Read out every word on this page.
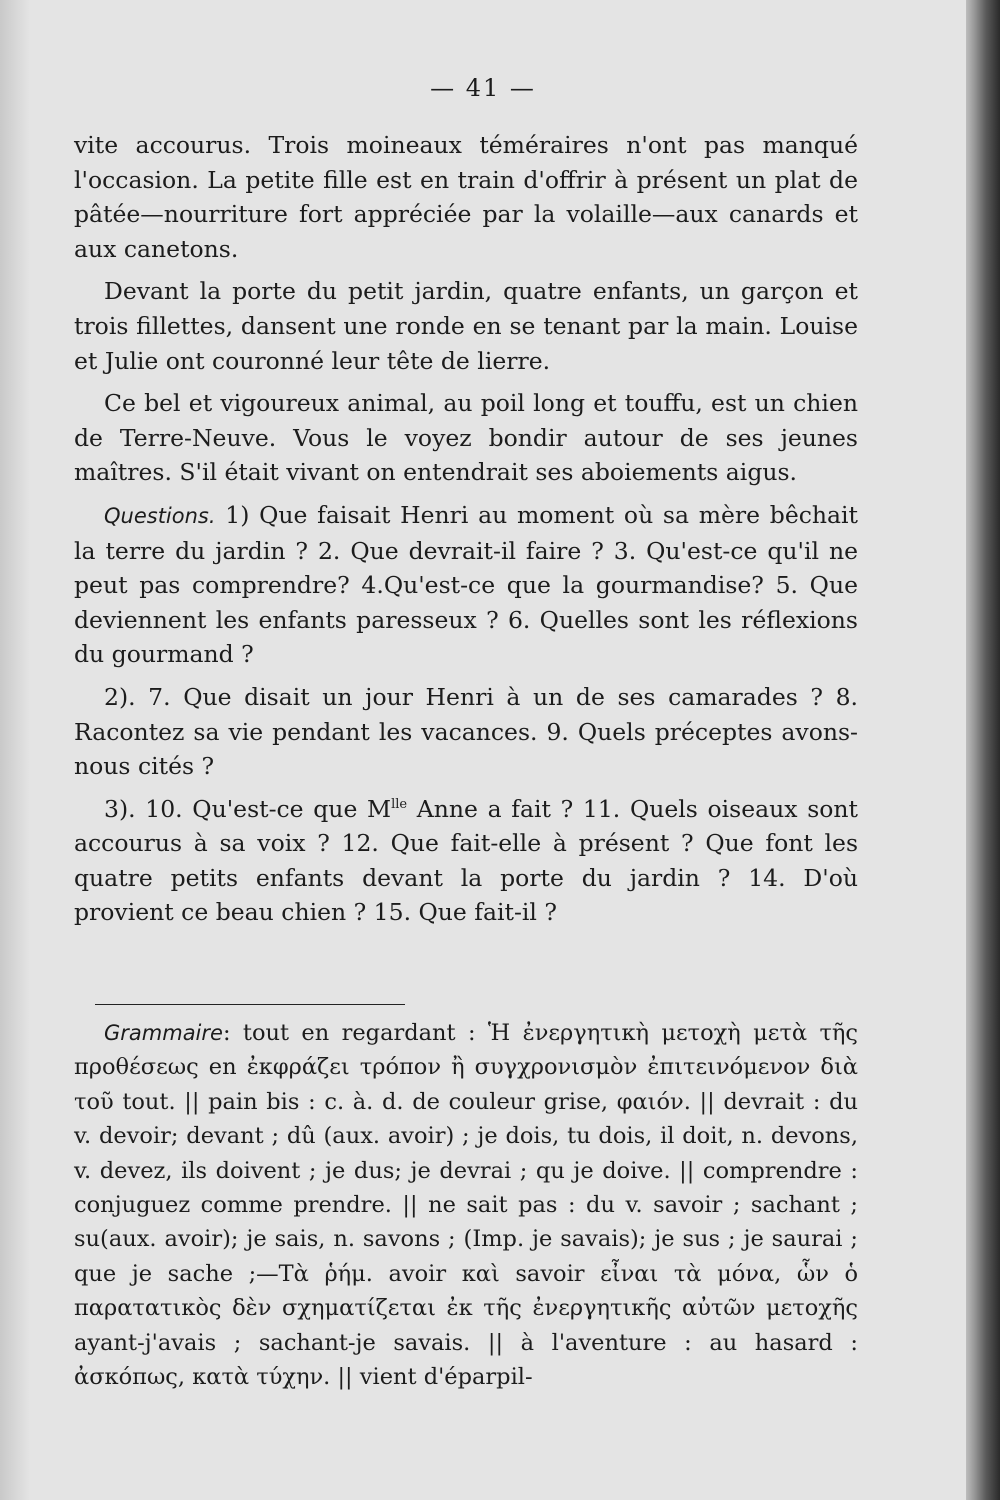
— 41 —

vite accourus. Trois moineaux téméraires n'ont pas manqué l'occasion. La petite fille est en train d'offrir à présent un plat de pâtée—nourriture fort appréciée par la volaille—aux canards et aux canetons.

Devant la porte du petit jardin, quatre enfants, un garçon et trois fillettes, dansent une ronde en se tenant par la main. Louise et Julie ont couronné leur tête de lierre.

Ce bel et vigoureux animal, au poil long et touffu, est un chien de Terre-Neuve. Vous le voyez bondir autour de ses jeunes maîtres. S'il était vivant on entendrait ses aboiements aigus.

Questions. 1) Que faisait Henri au moment où sa mère bêchait la terre du jardin ? 2. Que devrait-il faire ? 3. Qu'est-ce qu'il ne peut pas comprendre? 4.Qu'est-ce que la gourmandise? 5. Que deviennent les enfants paresseux ? 6. Quelles sont les réflexions du gourmand ?

2). 7. Que disait un jour Henri à un de ses camarades ? 8. Racontez sa vie pendant les vacances. 9. Quels préceptes avons-nous cités ?

3). 10. Qu'est-ce que $M^{lle}$ Anne a fait ? 11. Quels oiseaux sont accourus à sa voix ? 12. Que fait-elle à présent ? Que font les quatre petits enfants devant la porte du jardin ? 14. D'où provient ce beau chien ? 15. Que fait-il ?

Grammaire: tout en regardant : Ἡ ἐνεργητικὴ μετοχὴ μετὰ τῆς προθέσεως en ἐκφράζει τρόπον ἢ συγχρονισμὸν ἐπιτεινόμενον διὰ τοῦ tout. || pain bis : c. à. d. de couleur grise, φαιόν. || devrait : du v. devoir; devant ; dû (aux. avoir) ; je dois, tu dois, il doit, n. devons, v. devez, ils doivent ; je dus; je devrai ; qu je doive. || comprendre : conjuguez comme prendre. || ne sait pas : du v. savoir ; sachant ; su(aux. avoir); je sais, n. savons ; (Imp. je savais); je sus ; je saurai ; que je sache ;—Τὰ ῥήμ. avoir καὶ savoir εἶναι τὰ μόνα, ὧν ὁ παρατατικὸς δὲν σχηματίζεται ἐκ τῆς ἐνεργητικῆς αὐτῶν μετοχῆς ayant-j'avais ; sachant-je savais. || à l'aventure : au hasard : ἀσκόπως, κατὰ τύχην. || vient d'éparpil-
